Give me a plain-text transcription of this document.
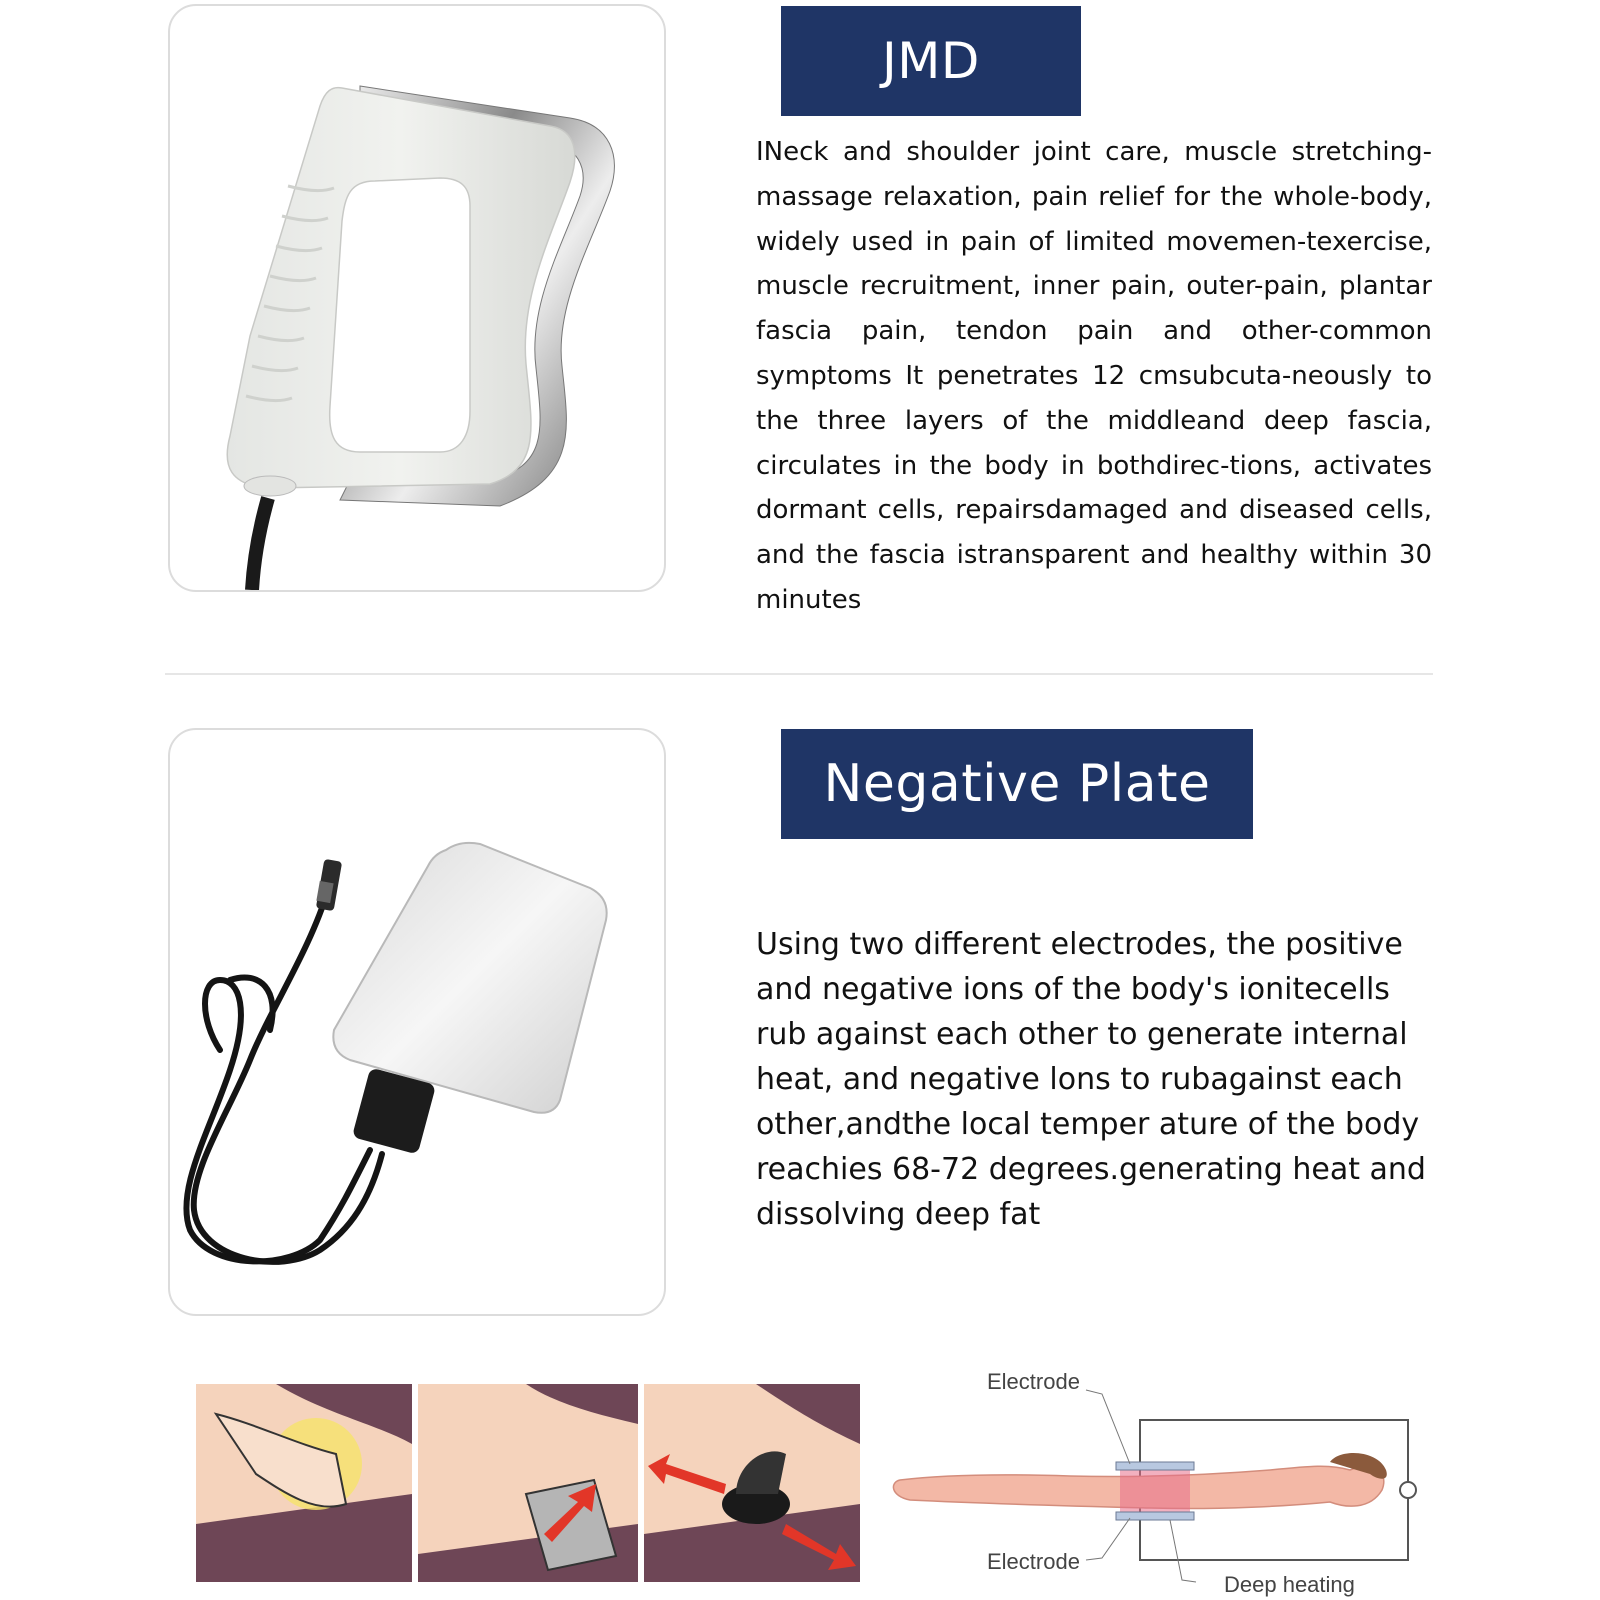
JMD
INeck and shoulder joint care, muscle stretching-massage relaxation, pain relief for the whole-body, widely used in pain of limited movemen-texercise, muscle recruitment, inner pain, outer-pain, plantar fascia pain, tendon pain and other-common symptoms It penetrates 12 cmsubcuta-neously to the three layers of the middleand deep fascia, circulates in the body in bothdirec-tions, activates dormant cells, repairsdamaged and diseased cells, and the fascia istransparent and healthy within 30 minutes
Negative Plate
Using two different electrodes, the positive and negative ions of the body's ionitecells rub against each other to generate internal heat, and negative lons to rubagainst each other,andthe local temper ature of the body reachies 68-72 degrees.generating heat and dissolving deep fat
Electrode
Electrode
Deep heating
